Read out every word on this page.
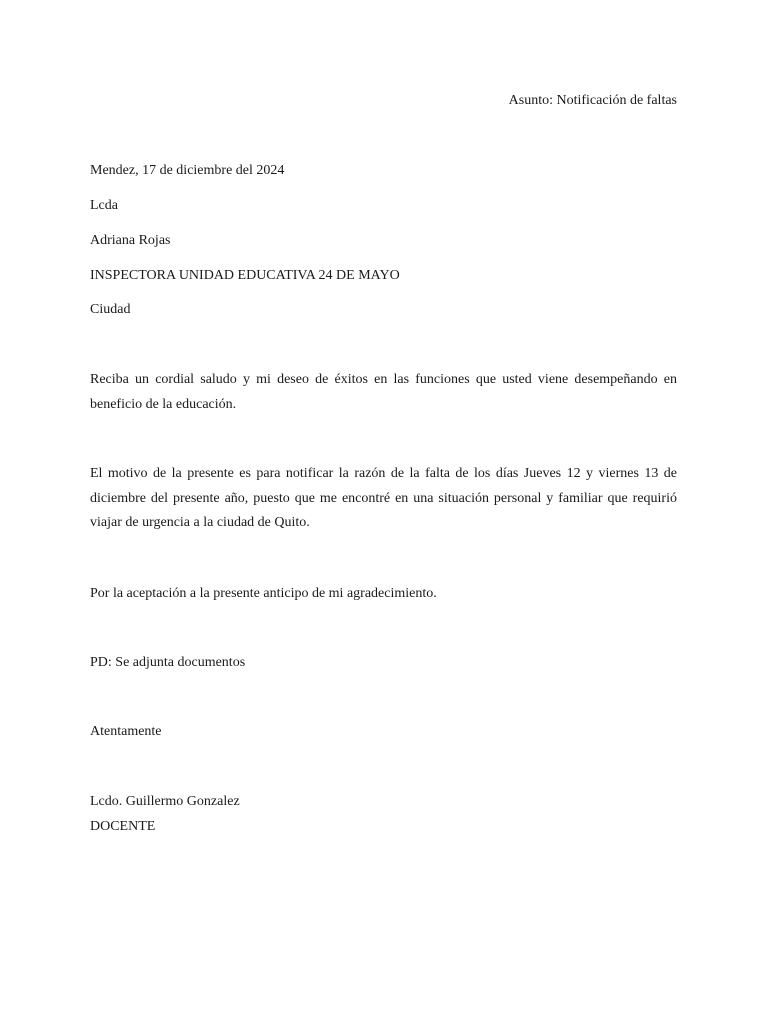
Asunto: Notificación de faltas
Mendez, 17 de diciembre del 2024
Lcda
Adriana Rojas
INSPECTORA UNIDAD EDUCATIVA 24 DE MAYO
Ciudad
Reciba un cordial saludo y mi deseo de éxitos en las funciones que usted viene desempeñando en beneficio de la educación.
El motivo de la presente es para notificar la razón de la falta de los días Jueves 12 y viernes 13 de diciembre del presente año, puesto que me encontré en una situación personal y familiar que requirió viajar de urgencia a la ciudad de Quito.
Por la aceptación a la presente anticipo de mi agradecimiento.
PD: Se adjunta documentos
Atentamente
Lcdo. Guillermo Gonzalez
DOCENTE
